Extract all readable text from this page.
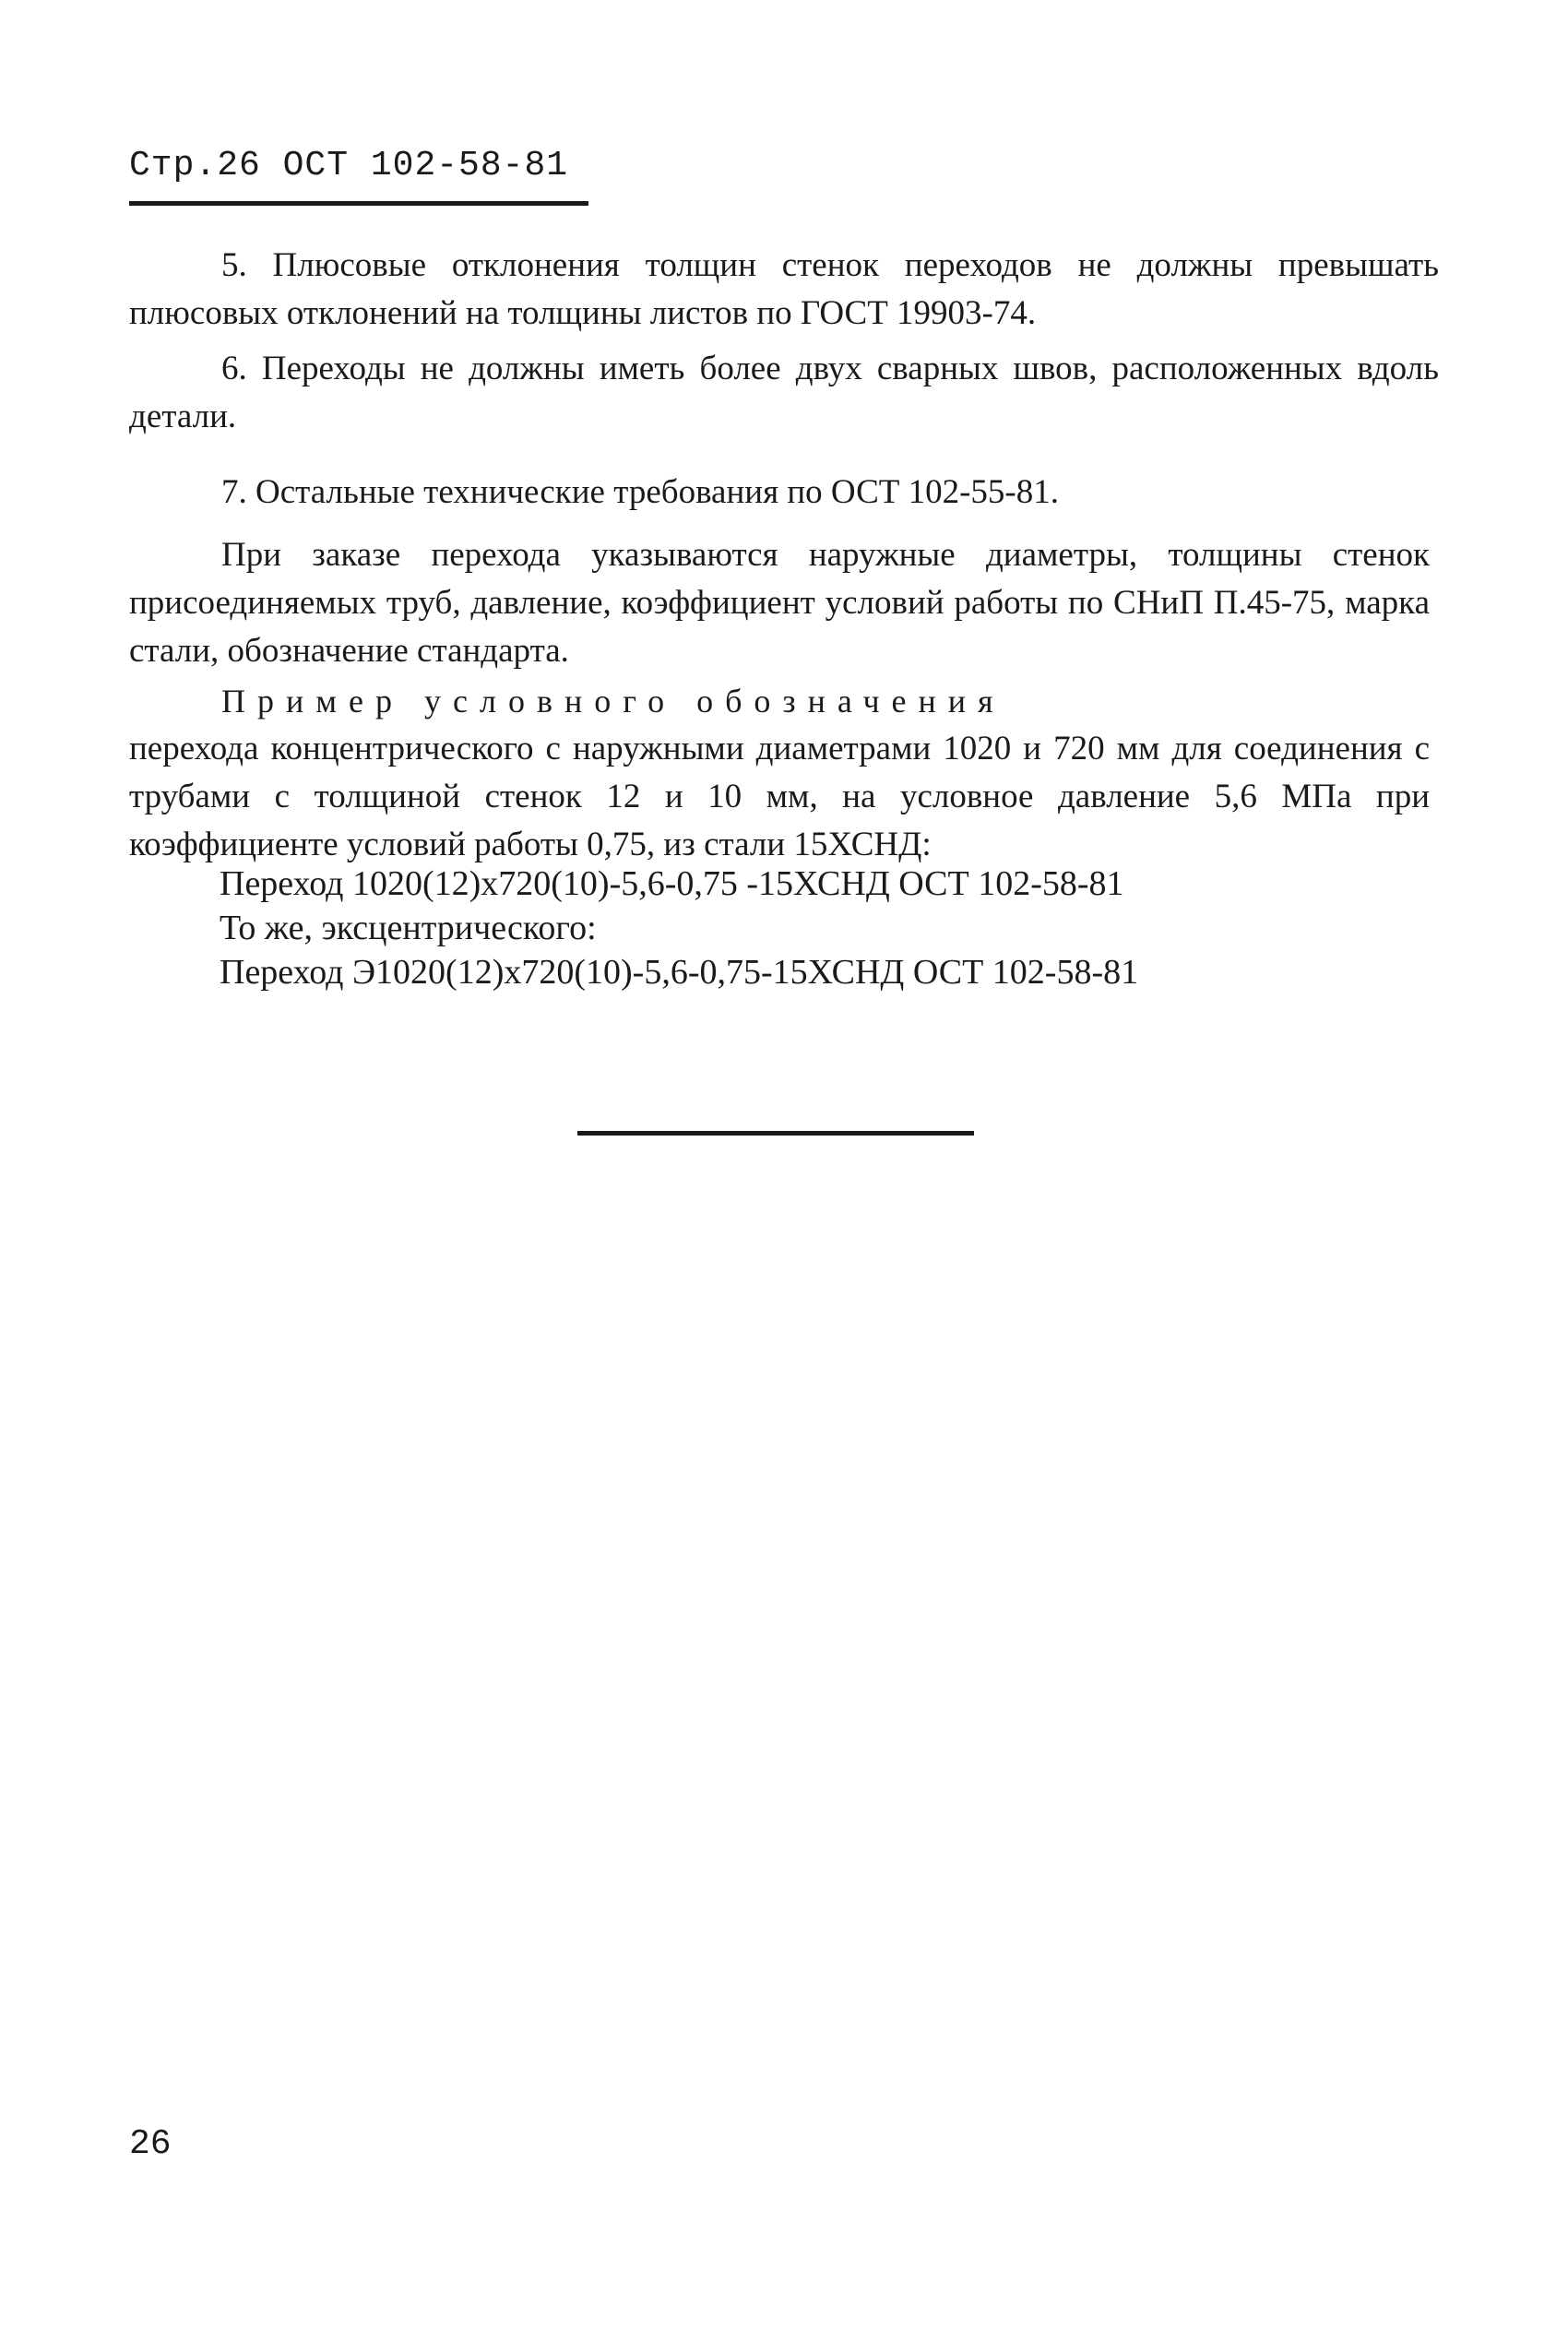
Стр.26 ОСТ 102-58-81

5. Плюсовые отклонения толщин стенок переходов не должны превышать плюсовых отклонений на толщины листов по ГОСТ 19903-74.

6. Переходы не должны иметь более двух сварных швов, расположенных вдоль детали.

7. Остальные технические требования по ОСТ 102-55-81.

При заказе перехода указываются наружные диаметры, толщины стенок присоединяемых труб, давление, коэффициент условий работы по СНиП П.45-75, марка стали, обозначение стандарта.

Пример условного обозначения
перехода концентрического с наружными диаметрами 1020 и 720 мм для соединения с трубами с толщиной стенок 12 и 10 мм, на условное давление 5,6 МПа при коэффициенте условий работы 0,75, из стали 15ХСНД:
Переход 1020(12)х720(10)-5,6-0,75 -15ХСНД ОСТ 102-58-81
То же, эксцентрического:
Переход Э1020(12)х720(10)-5,6-0,75-15ХСНД ОСТ 102-58-81
26
